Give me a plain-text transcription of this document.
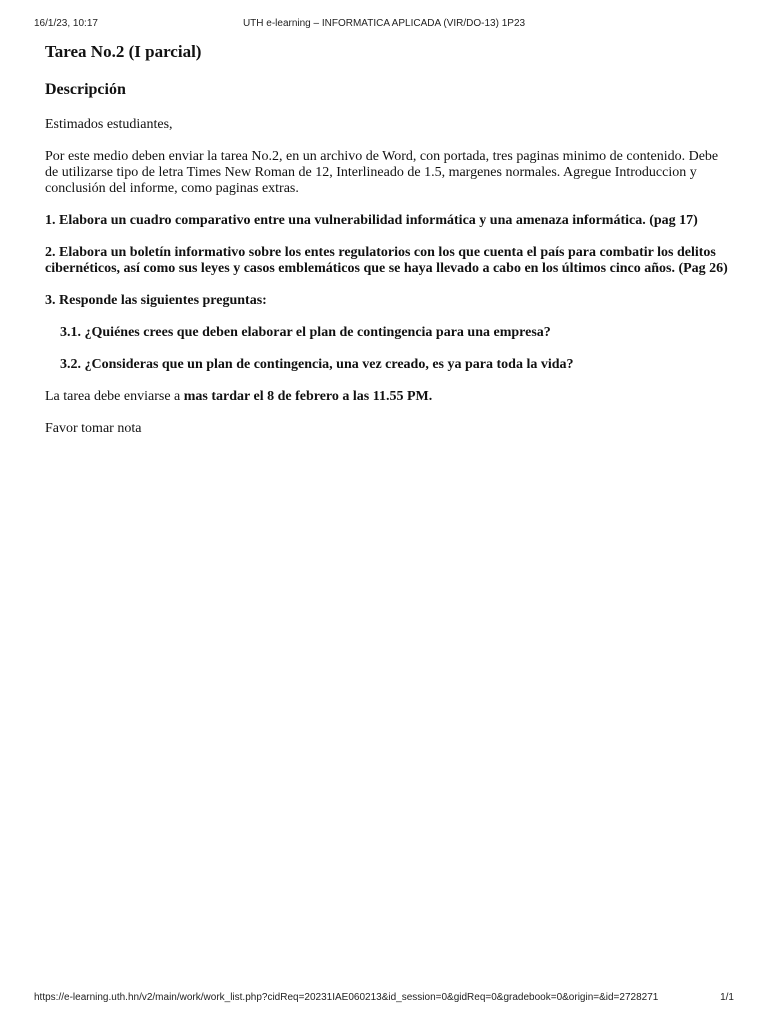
16/1/23, 10:17	UTH e-learning – INFORMATICA APLICADA (VIR/DO-13) 1P23
Tarea No.2 (I parcial)
Descripción

Estimados estudiantes,

Por este medio deben enviar la tarea No.2, en un archivo de Word, con portada, tres paginas minimo de contenido. Debe de utilizarse tipo de letra Times New Roman de 12, Interlineado de 1.5, margenes normales. Agregue Introduccion y conclusión del informe, como paginas extras.

1. Elabora un cuadro comparativo entre una vulnerabilidad informática y una amenaza informática. (pag 17)

2. Elabora un boletín informativo sobre los entes regulatorios con los que cuenta el país para combatir los delitos cibernéticos, así como sus leyes y casos emblemáticos que se haya llevado a cabo en los últimos cinco años. (Pag 26)

3. Responde las siguientes preguntas:

3.1. ¿Quiénes crees que deben elaborar el plan de contingencia para una empresa?

3.2. ¿Consideras que un plan de contingencia, una vez creado, es ya para toda la vida?

La tarea debe enviarse a mas tardar el 8 de febrero a las 11.55 PM.

Favor tomar nota

https://e-learning.uth.hn/v2/main/work/work_list.php?cidReq=20231IAE060213&id_session=0&gidReq=0&gradebook=0&origin=&id=2728271	1/1
